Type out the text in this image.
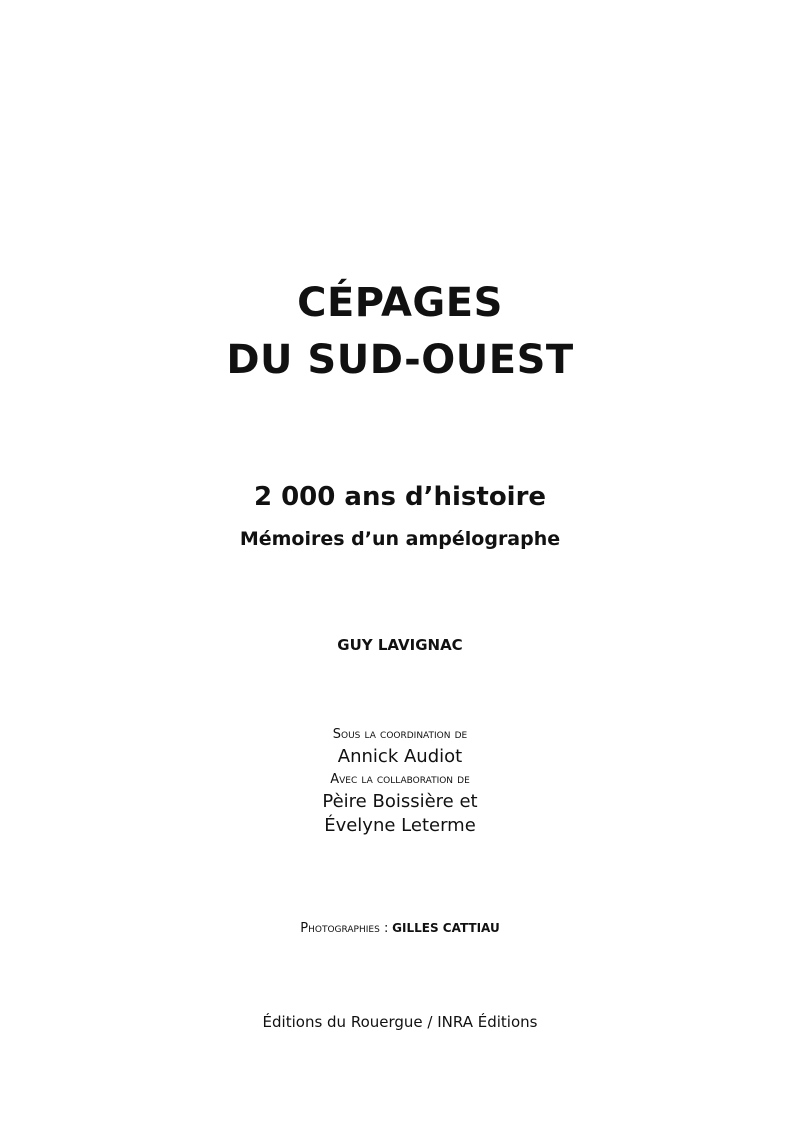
CÉPAGES
DU SUD-OUEST
2 000 ans d’histoire
Mémoires d’un ampélographe
GUY LAVIGNAC
Sous la coordination de
Annick Audiot
Avec la collaboration de
Pèire Boissière et
Évelyne Leterme
Photographies : GILLES CATTIAU
Éditions du Rouergue / INRA Éditions
